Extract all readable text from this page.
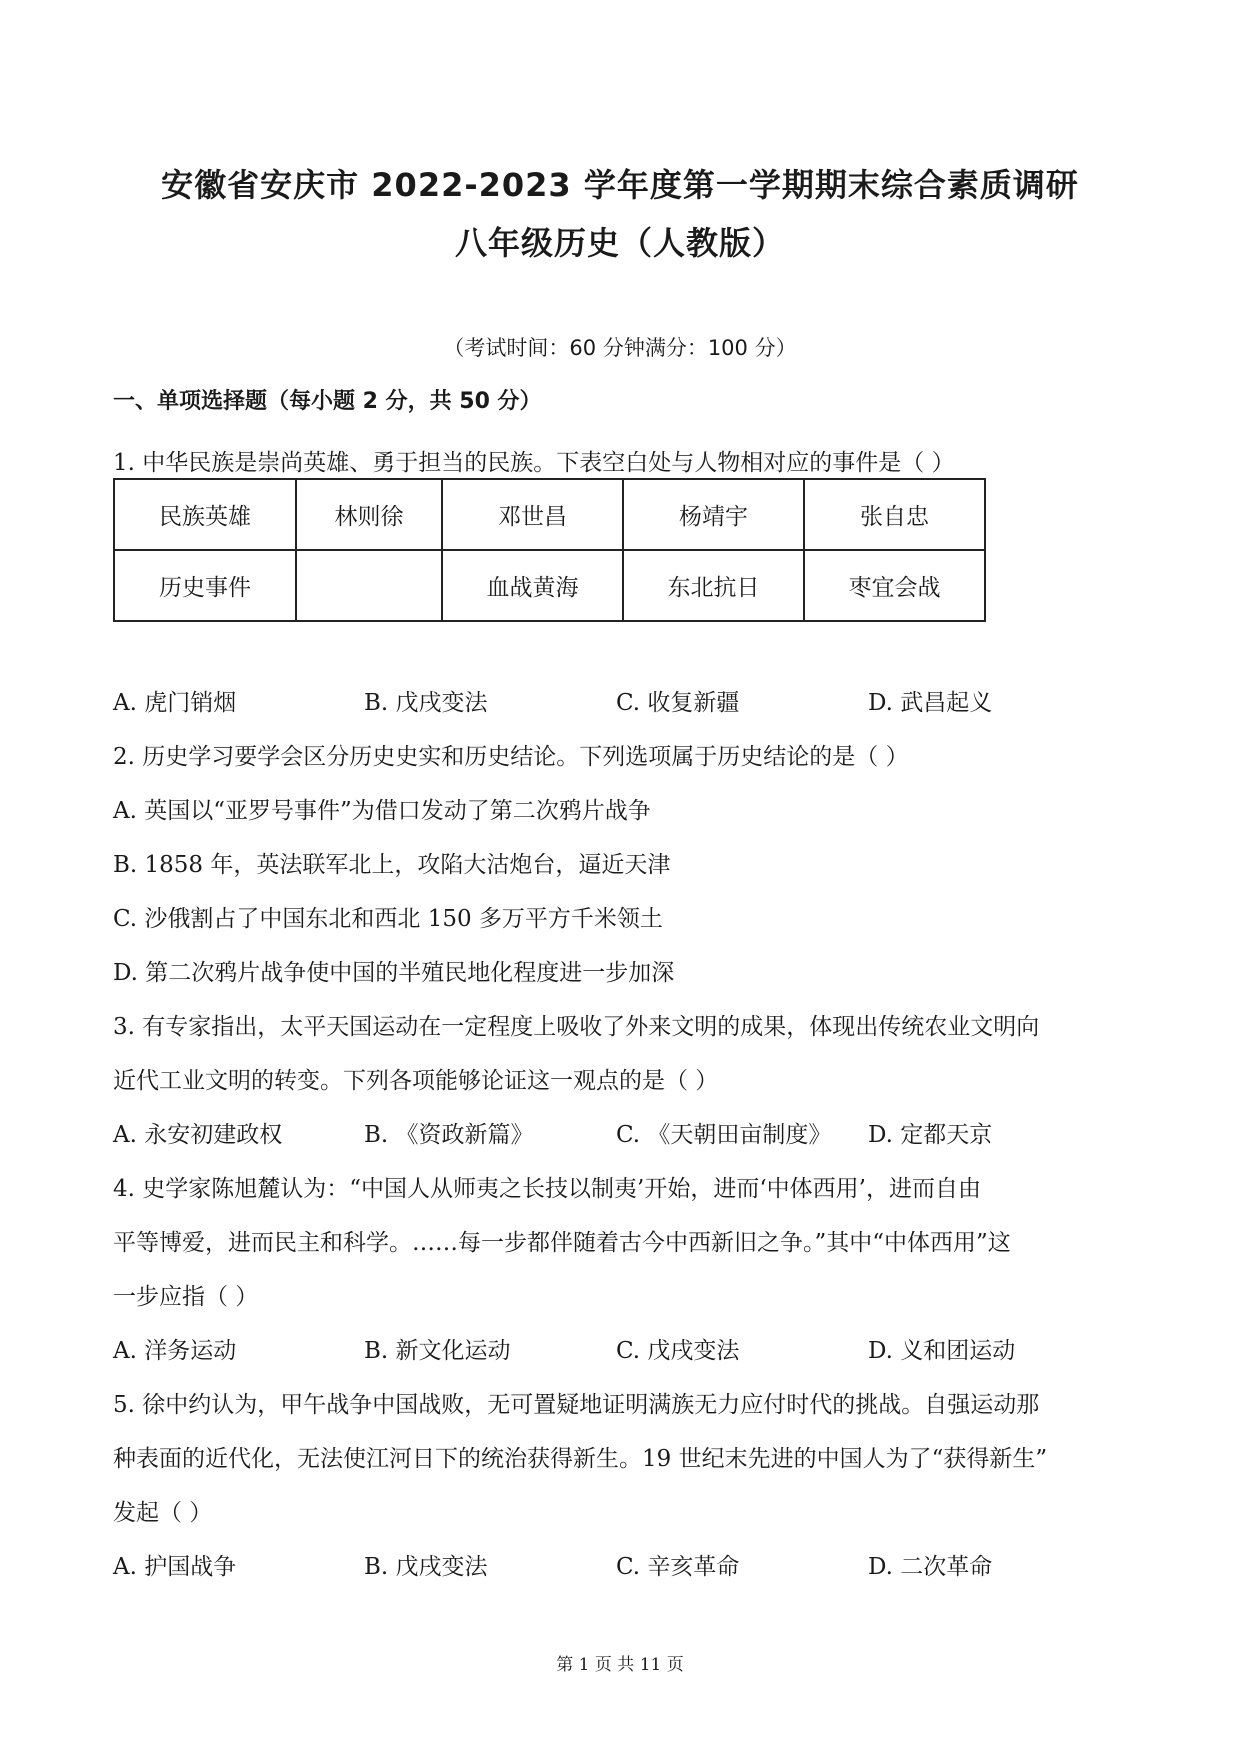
安徽省安庆市 2022-2023 学年度第一学期期末综合素质调研
八年级历史（人教版）
（考试时间：60 分钟满分：100 分）
一、单项选择题（每小题 2 分，共 50 分）
1. 中华民族是崇尚英雄、勇于担当的民族。下表空白处与人物相对应的事件是（ ）
民族英雄	林则徐	邓世昌	杨靖宇	张自忠
历史事件		血战黄海	东北抗日	枣宜会战
A. 虎门销烟	B. 戊戌变法	C. 收复新疆	D. 武昌起义
2. 历史学习要学会区分历史史实和历史结论。下列选项属于历史结论的是（ ）
A. 英国以“亚罗号事件”为借口发动了第二次鸦片战争
B. 1858 年，英法联军北上，攻陷大沽炮台，逼近天津
C. 沙俄割占了中国东北和西北 150 多万平方千米领土
D. 第二次鸦片战争使中国的半殖民地化程度进一步加深
3. 有专家指出，太平天国运动在一定程度上吸收了外来文明的成果，体现出传统农业文明向
近代工业文明的转变。下列各项能够论证这一观点的是（ ）
A. 永安初建政权	B. 《资政新篇》	C. 《天朝田亩制度》 D. 定都天京
4. 史学家陈旭麓认为：“中国人从师夷之长技以制夷’开始，进而‘中体西用’，进而自由
平等博爱，进而民主和科学。……每一步都伴随着古今中西新旧之争。”其中“中体西用”这
一步应指（ ）
A. 洋务运动	B. 新文化运动	C. 戊戌变法	D. 义和团运动
5. 徐中约认为，甲午战争中国战败，无可置疑地证明满族无力应付时代的挑战。自强运动那
种表面的近代化，无法使江河日下的统治获得新生。19 世纪末先进的中国人为了“获得新生”
发起（ ）
A. 护国战争	B. 戊戌变法	C. 辛亥革命	D. 二次革命
第 1 页 共 11 页
